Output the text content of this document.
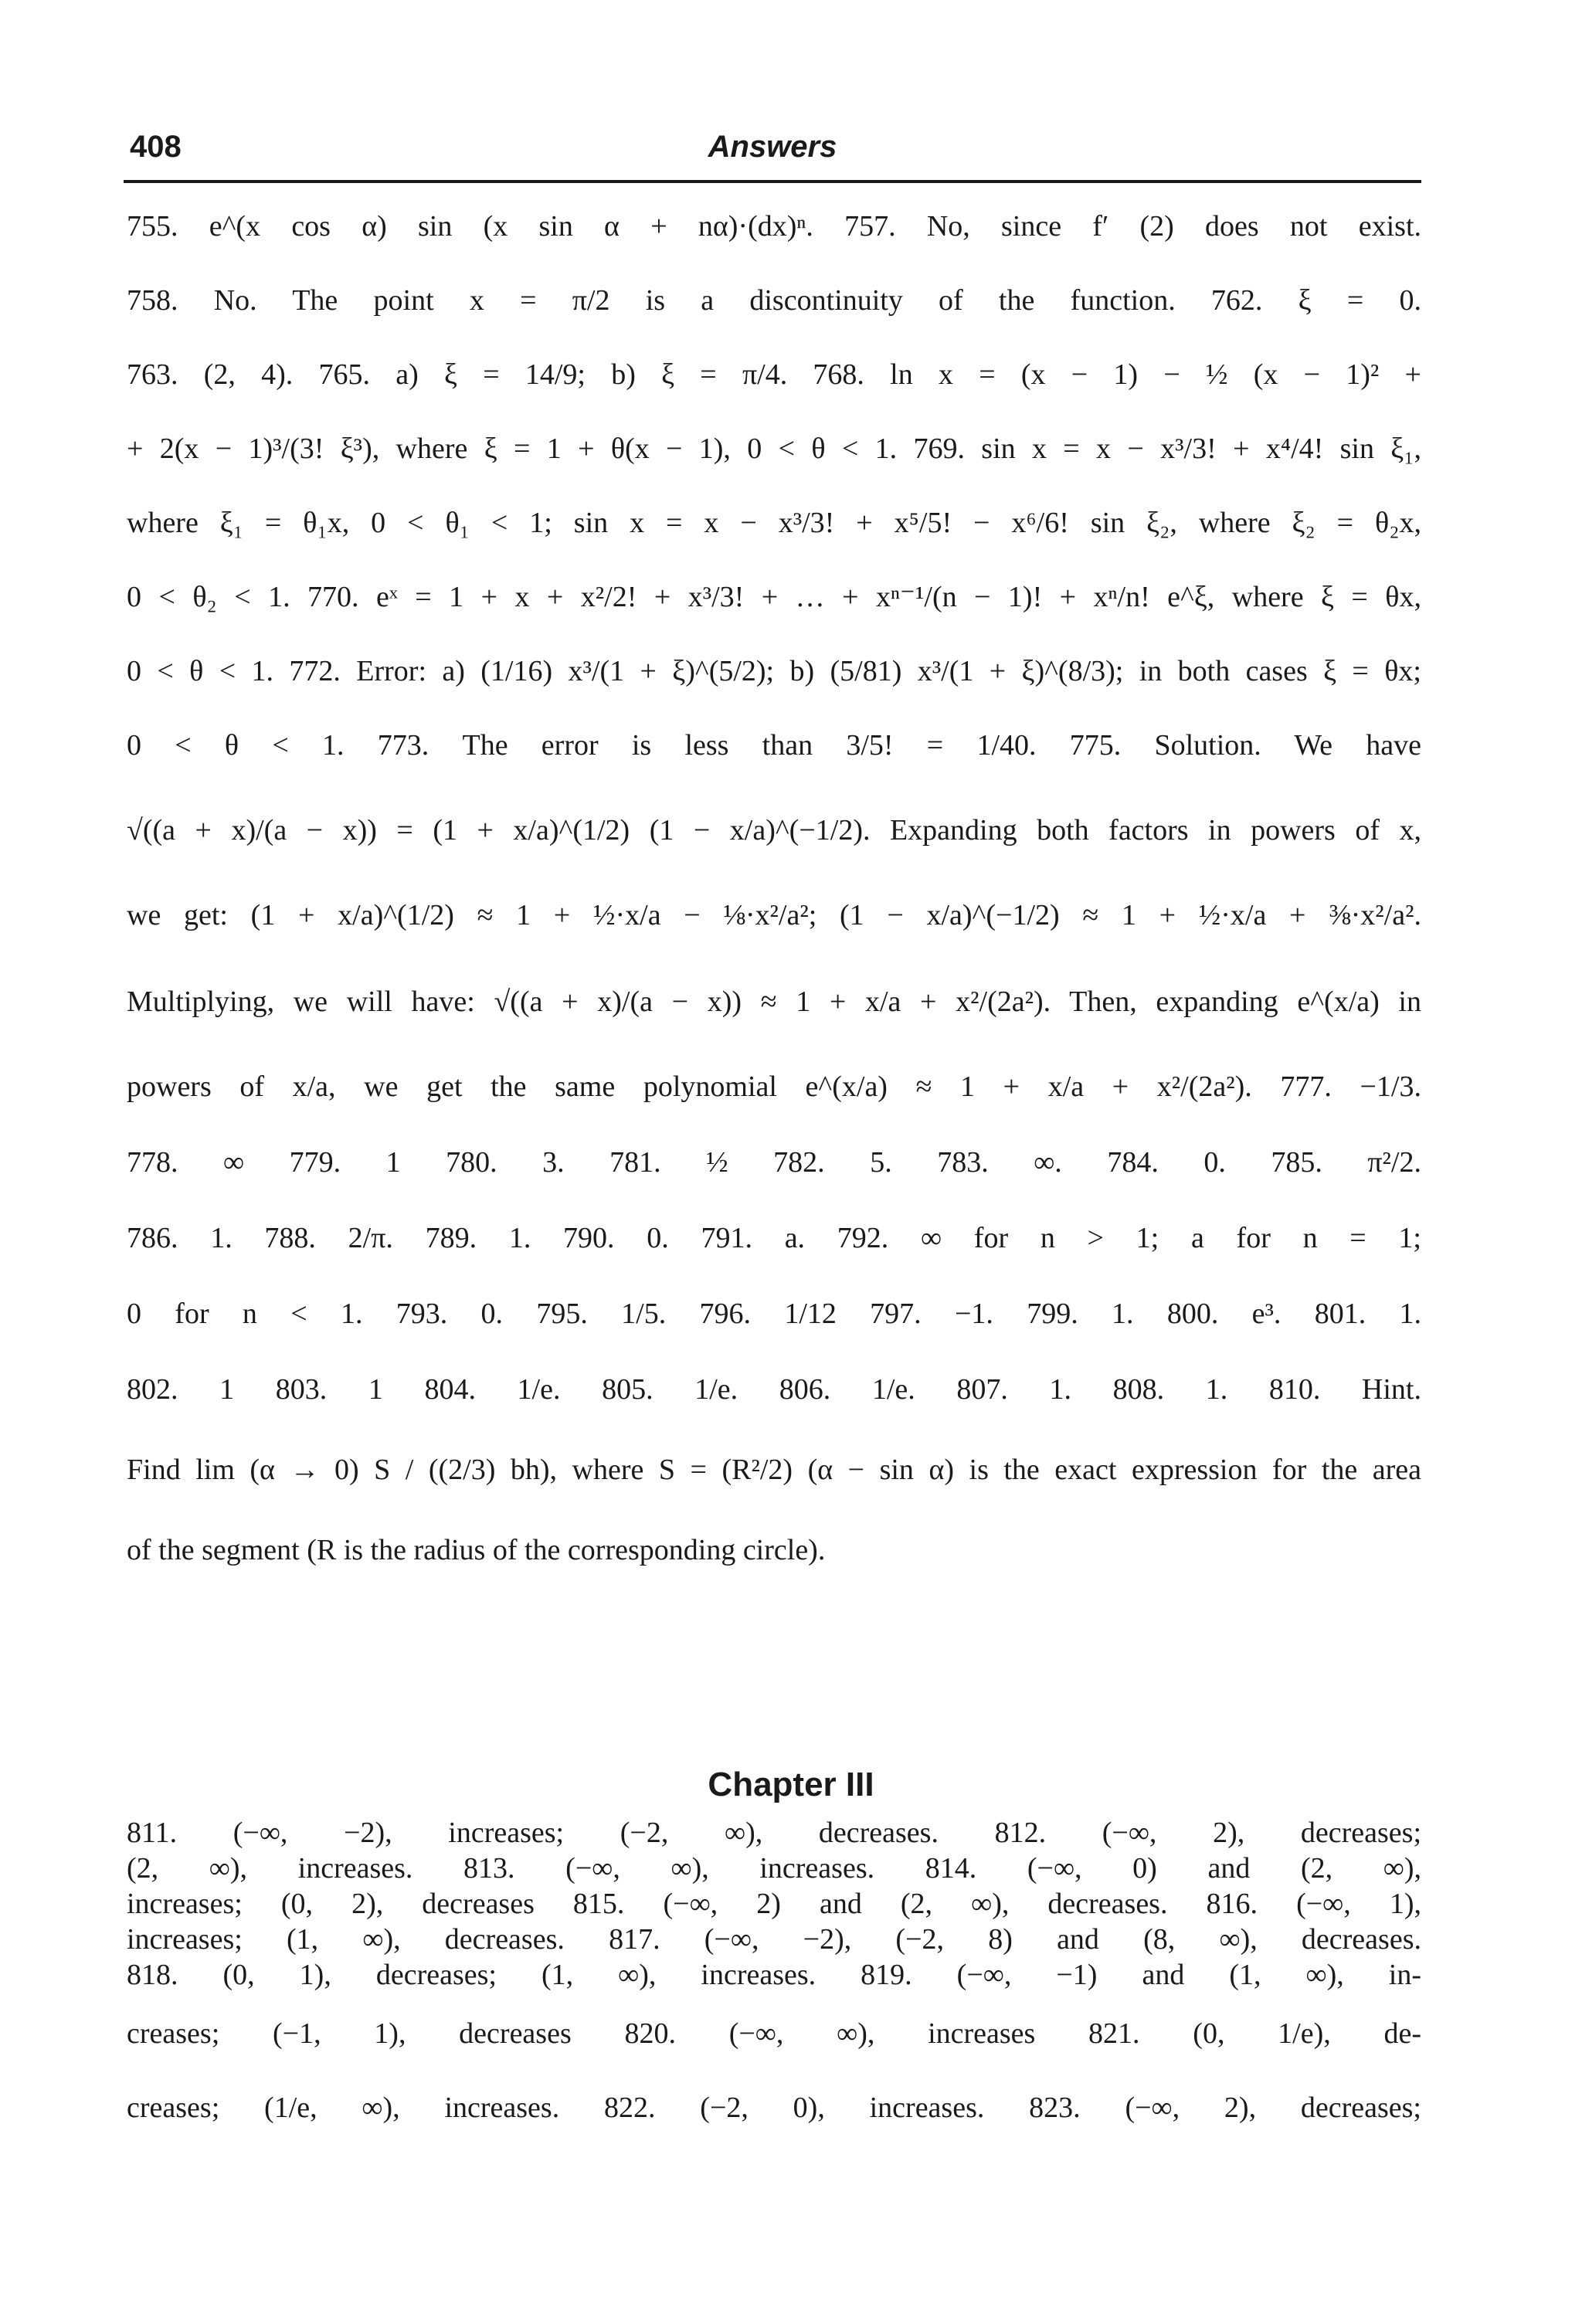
408	Answers

755. e^(x cos α) sin (x sin α + nα)·(dx)ⁿ. 757. No, since f′ (2) does not exist.

758. No. The point x = π/2 is a discontinuity of the function. 762. ξ = 0.

763. (2, 4). 765. a) ξ = 14/9; b) ξ = π/4. 768. ln x = (x − 1) − ½ (x − 1)² +

+ 2(x − 1)³/(3! ξ³), where ξ = 1 + θ(x − 1), 0 < θ < 1. 769. sin x = x − x³/3! + x⁴/4! sin ξ₁,

where ξ₁ = θ₁x, 0 < θ₁ < 1; sin x = x − x³/3! + x⁵/5! − x⁶/6! sin ξ₂, where ξ₂ = θ₂x,

0 < θ₂ < 1. 770. eˣ = 1 + x + x²/2! + x³/3! + … + xⁿ⁻¹/(n − 1)! + xⁿ/n! e^ξ, where ξ = θx,

0 < θ < 1. 772. Error: a) (1/16) x³/(1 + ξ)^(5/2); b) (5/81) x³/(1 + ξ)^(8/3); in both cases ξ = θx;

0 < θ < 1. 773. The error is less than 3/5! = 1/40. 775. Solution. We have

√((a + x)/(a − x)) = (1 + x/a)^(1/2) (1 − x/a)^(−1/2). Expanding both factors in powers of x,

we get: (1 + x/a)^(1/2) ≈ 1 + ½·x/a − ⅛·x²/a²; (1 − x/a)^(−1/2) ≈ 1 + ½·x/a + ⅜·x²/a².

Multiplying, we will have: √((a + x)/(a − x)) ≈ 1 + x/a + x²/(2a²). Then, expanding e^(x/a) in

powers of x/a, we get the same polynomial e^(x/a) ≈ 1 + x/a + x²/(2a²). 777. −1/3.

778. ∞ 779. 1 780. 3. 781. ½ 782. 5. 783. ∞. 784. 0. 785. π²/2.

786. 1. 788. 2/π. 789. 1. 790. 0. 791. a. 792. ∞ for n > 1; a for n = 1;

0 for n < 1. 793. 0. 795. 1/5. 796. 1/12 797. −1. 799. 1. 800. e³. 801. 1.

802. 1 803. 1 804. 1/e. 805. 1/e. 806. 1/e. 807. 1. 808. 1. 810. Hint.

Find lim (α → 0) S / ((2/3) bh), where S = (R²/2) (α − sin α) is the exact expression for the area

of the segment (R is the radius of the corresponding circle).

Chapter III

811. (−∞, −2), increases; (−2, ∞), decreases. 812. (−∞, 2), decreases;

(2, ∞), increases. 813. (−∞, ∞), increases. 814. (−∞, 0) and (2, ∞),

increases; (0, 2), decreases 815. (−∞, 2) and (2, ∞), decreases. 816. (−∞, 1),

increases; (1, ∞), decreases. 817. (−∞, −2), (−2, 8) and (8, ∞), decreases.

818. (0, 1), decreases; (1, ∞), increases. 819. (−∞, −1) and (1, ∞), in-

creases; (−1, 1), decreases 820. (−∞, ∞), increases 821. (0, 1/e), de-

creases; (1/e, ∞), increases. 822. (−2, 0), increases. 823. (−∞, 2), decreases;
